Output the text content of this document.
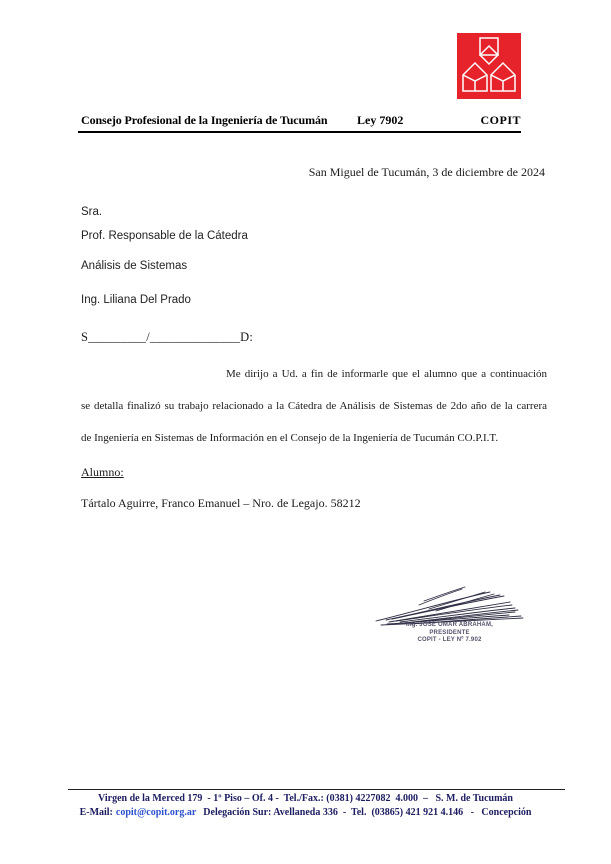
Consejo Profesional de la Ingeniería de Tucumán Ley 7902	COPIT
San Miguel de Tucumán, 3 de diciembre de 2024
Sra.
Prof. Responsable de la Cátedra
Análisis de Sistemas
Ing. Liliana Del Prado
S_________/______________D:
Me dirijo a Ud. a fin de informarle que el alumno que a continuación
se detalla finalizó su trabajo relacionado a la Cátedra de Análisis de Sistemas de 2do año de la carrera
de Ingeniería en Sistemas de Información en el Consejo de la Ingeniería de Tucumán CO.P.I.T.
Alumno:
Tártalo Aguirre, Franco Emanuel – Nro. de Legajo. 58212
Ing. JOSÉ OMAR ABRAHAM,
PRESIDENTE
COPIT - LEY Nº 7.902
Virgen de la Merced 179  - 1º Piso – Of. 4 -  Tel./Fax.: (0381) 4227082  4.000  –   S. M. de Tucumán
E-Mail: copit@copit.org.ar Delegación Sur: Avellaneda 336  -  Tel.  (03865) 421 921 4.146   -   Concepción
